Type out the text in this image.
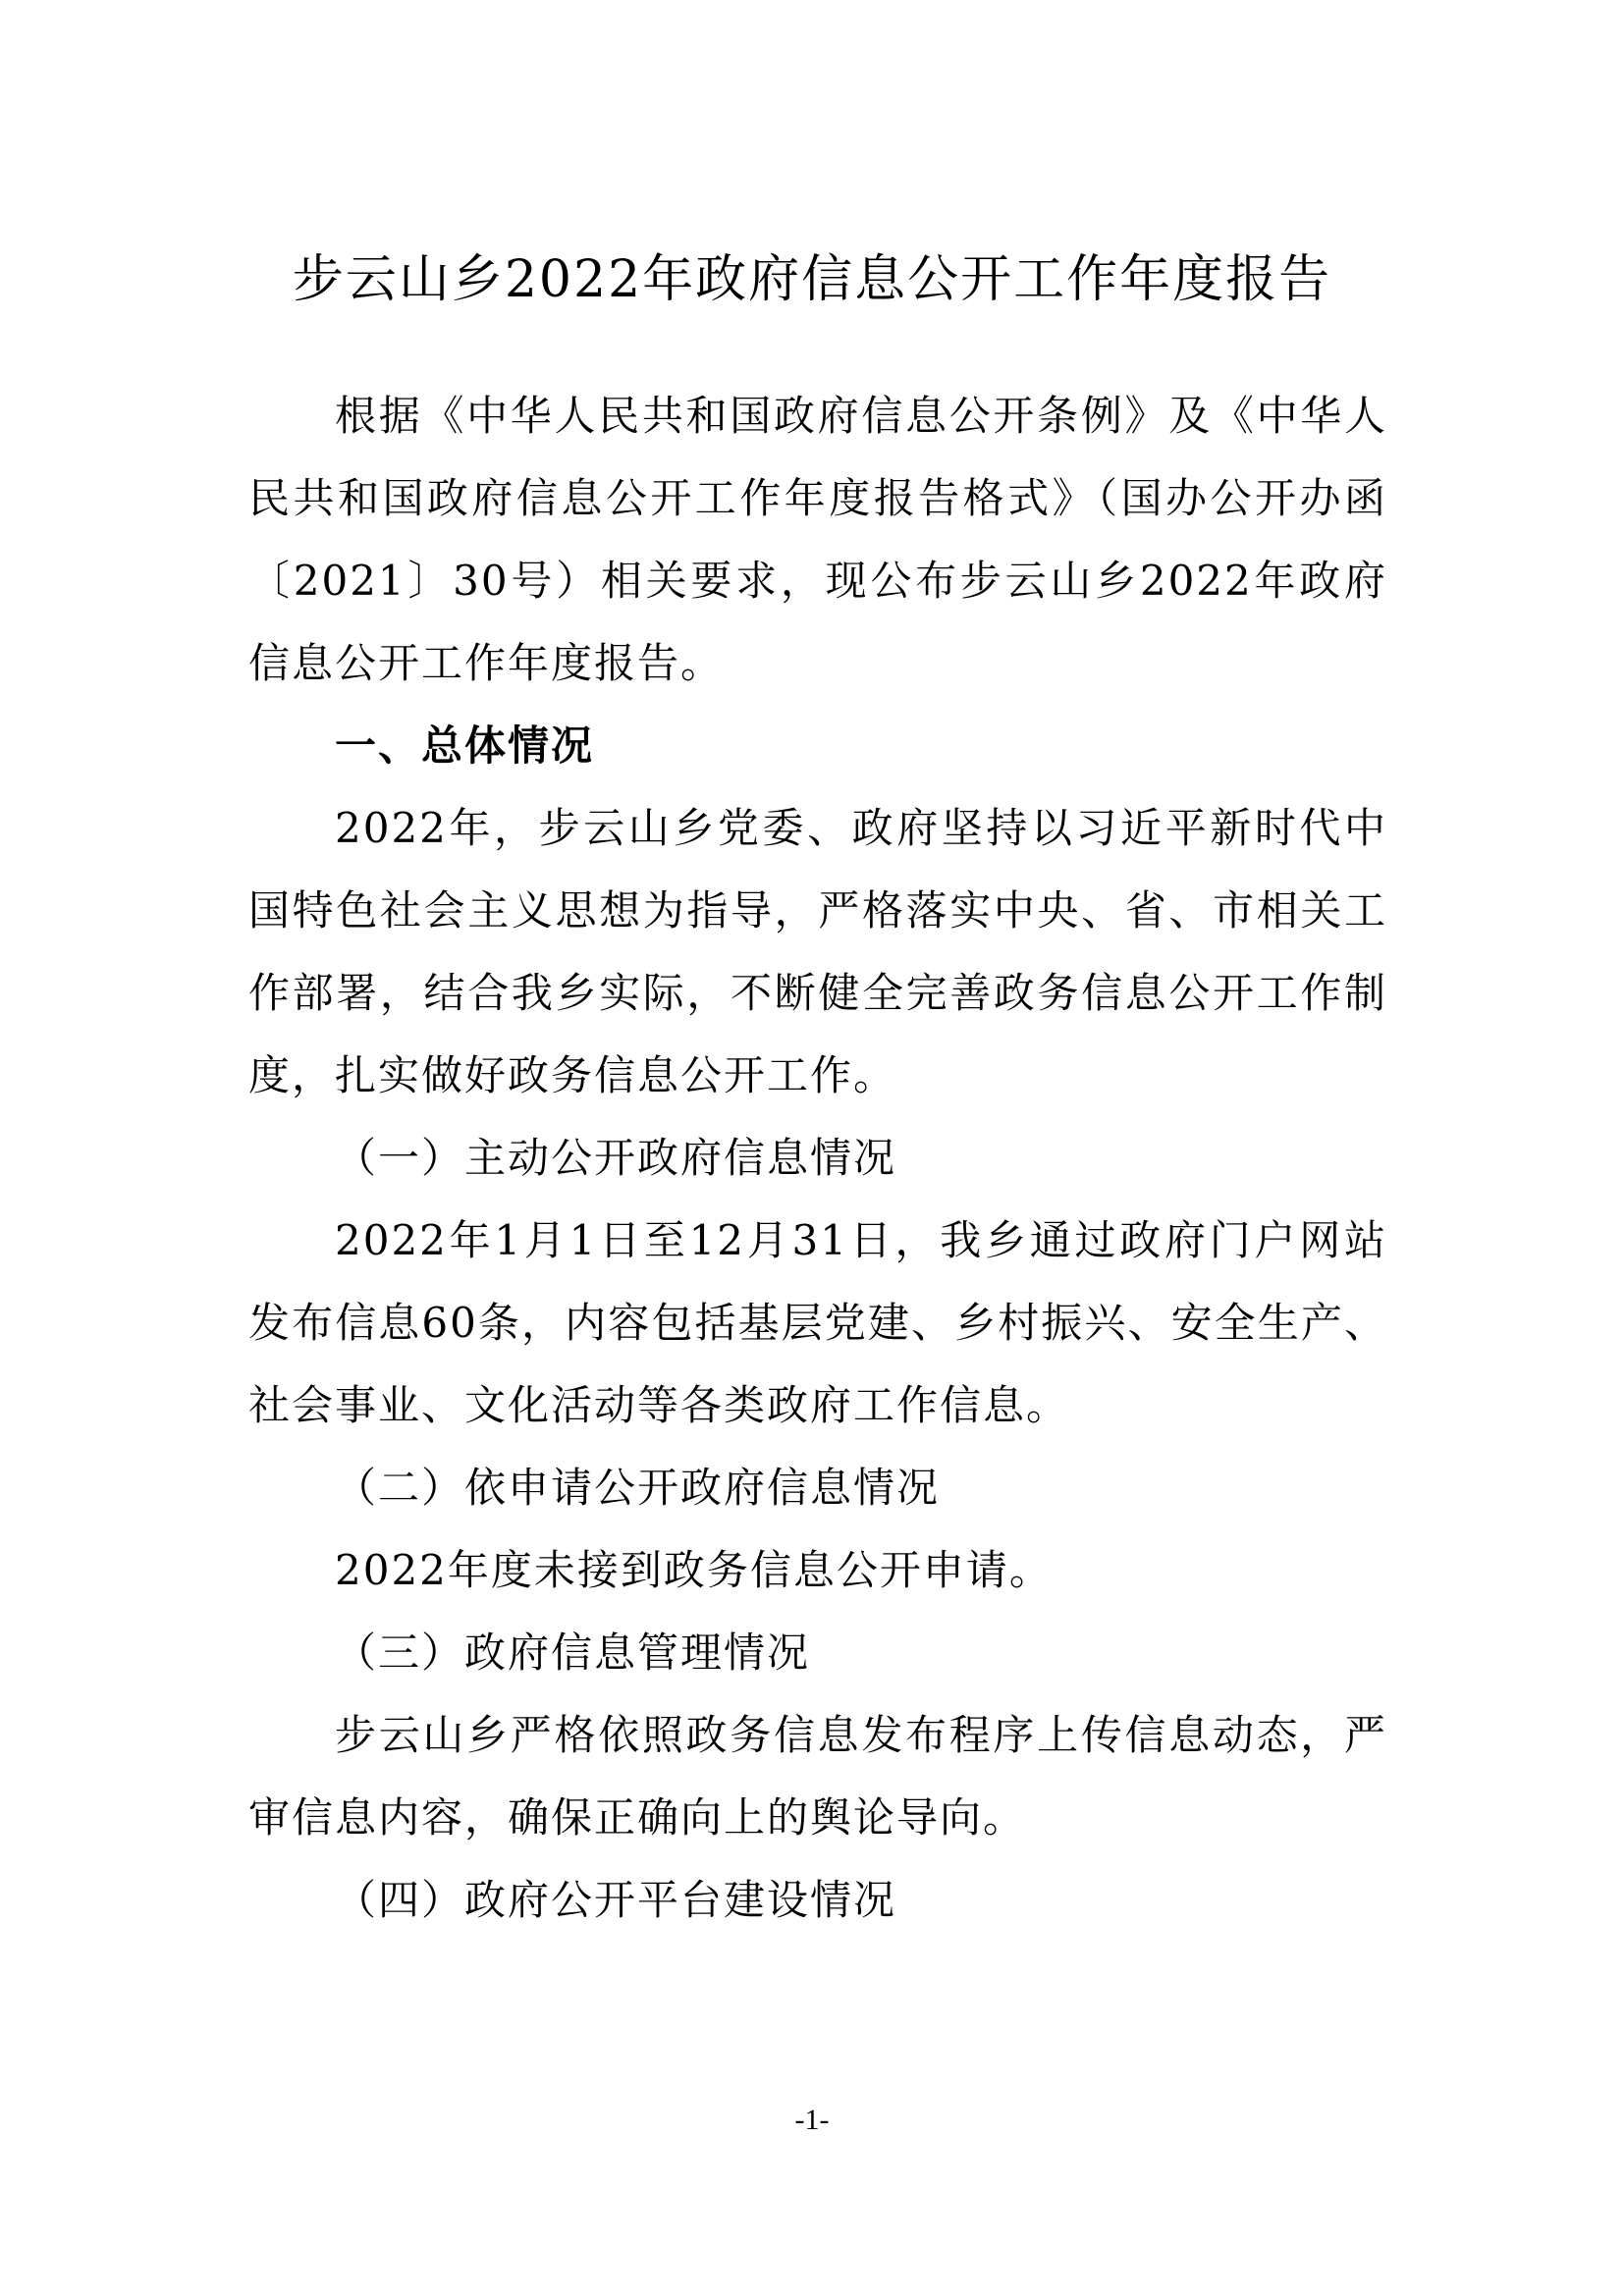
步云山乡2022年政府信息公开工作年度报告

根据《中华人民共和国政府信息公开条例》及《中华人民共和国政府信息公开工作年度报告格式》（国办公开办函〔2021〕30号）相关要求，现公布步云山乡2022年政府信息公开工作年度报告。

一、总体情况

2022年，步云山乡党委、政府坚持以习近平新时代中国特色社会主义思想为指导，严格落实中央、省、市相关工作部署，结合我乡实际，不断健全完善政务信息公开工作制度，扎实做好政务信息公开工作。

（一）主动公开政府信息情况

2022年1月1日至12月31日，我乡通过政府门户网站发布信息60条，内容包括基层党建、乡村振兴、安全生产、社会事业、文化活动等各类政府工作信息。

（二）依申请公开政府信息情况

2022年度未接到政务信息公开申请。

（三）政府信息管理情况

步云山乡严格依照政务信息发布程序上传信息动态，严审信息内容，确保正确向上的舆论导向。

（四）政府公开平台建设情况

-1-
